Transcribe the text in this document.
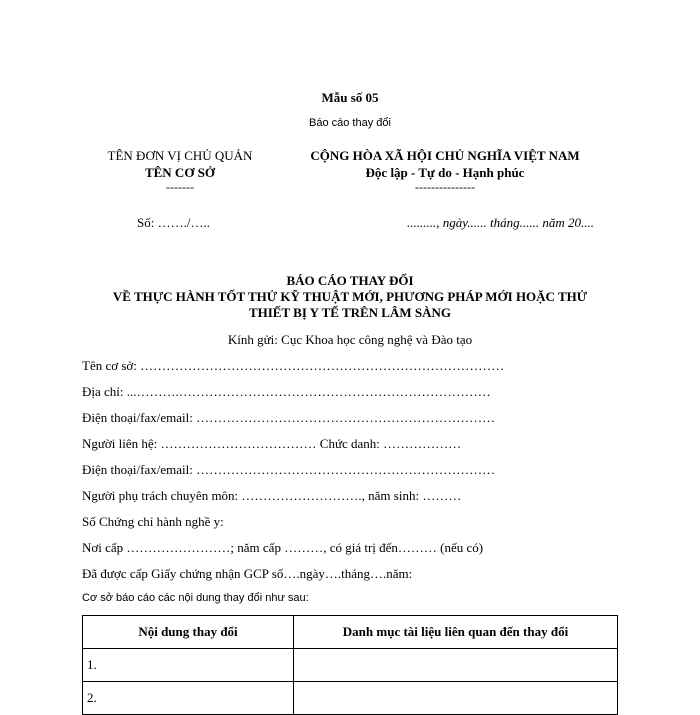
Mẫu số 05
Báo cáo thay đổi
TÊN ĐƠN VỊ CHỦ QUẢN
TÊN CƠ SỞ
-------
Số: ……./…..
CỘNG HÒA XÃ HỘI CHỦ NGHĨA VIỆT NAM
Độc lập - Tự do - Hạnh phúc
---------------
........., ngày...... tháng...... năm 20....
BÁO CÁO THAY ĐỔI
VỀ THỰC HÀNH TỐT THỬ KỸ THUẬT MỚI, PHƯƠNG PHÁP MỚI HOẶC THỬ
THIẾT BỊ Y TẾ TRÊN LÂM SÀNG
Kính gửi: Cục Khoa học công nghệ và Đào tạo
Tên cơ sở: …………………………………………………………………………
Địa chỉ: ...……….………………………………………………………………
Điện thoại/fax/email: ……………………………………………………………
Người liên hệ: ……………………………… Chức danh: ………………
Điện thoại/fax/email: ……………………………………………………………
Người phụ trách chuyên môn: ………………………., năm sinh: ………
Số Chứng chỉ hành nghề y:
Nơi cấp ……………………; năm cấp ………, có giá trị đến……… (nếu có)
Đã được cấp Giấy chứng nhận GCP số….ngày….tháng….năm:
Cơ sở báo cáo các nội dung thay đổi như sau:
Nội dung thay đổi	Danh mục tài liệu liên quan đến thay đổi
1.	
2.	
